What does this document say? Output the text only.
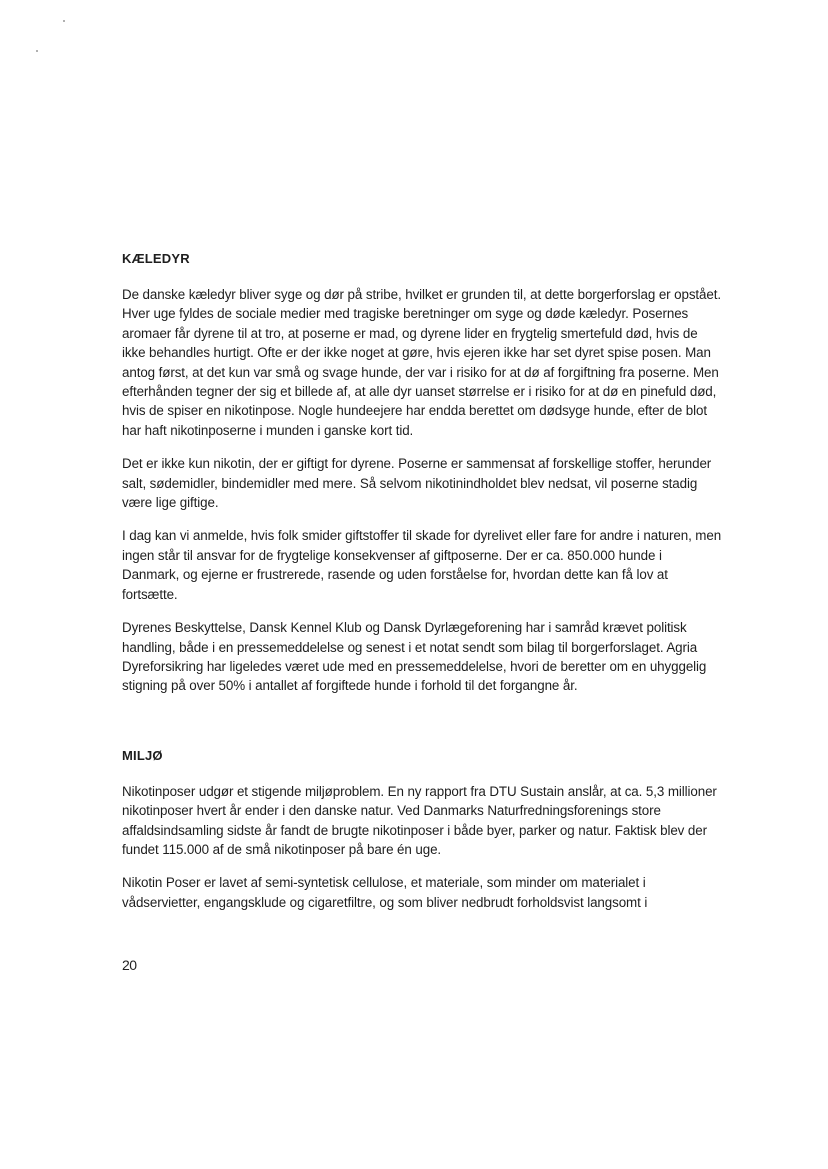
KÆLEDYR

De danske kæledyr bliver syge og dør på stribe, hvilket er grunden til, at dette borgerforslag er opstået. Hver uge fyldes de sociale medier med tragiske beretninger om syge og døde kæledyr. Posernes aromaer får dyrene til at tro, at poserne er mad, og dyrene lider en frygtelig smertefuld død, hvis de ikke behandles hurtigt. Ofte er der ikke noget at gøre, hvis ejeren ikke har set dyret spise posen. Man antog først, at det kun var små og svage hunde, der var i risiko for at dø af forgiftning fra poserne. Men efterhånden tegner der sig et billede af, at alle dyr uanset størrelse er i risiko for at dø en pinefuld død, hvis de spiser en nikotinpose. Nogle hundeejere har endda berettet om dødsyge hunde, efter de blot har haft nikotinposerne i munden i ganske kort tid.

Det er ikke kun nikotin, der er giftigt for dyrene. Poserne er sammensat af forskellige stoffer, herunder salt, sødemidler, bindemidler med mere. Så selvom nikotinindholdet blev nedsat, vil poserne stadig være lige giftige.

I dag kan vi anmelde, hvis folk smider giftstoffer til skade for dyrelivet eller fare for andre i naturen, men ingen står til ansvar for de frygtelige konsekvenser af giftposerne. Der er ca. 850.000 hunde i Danmark, og ejerne er frustrerede, rasende og uden forståelse for, hvordan dette kan få lov at fortsætte.

Dyrenes Beskyttelse, Dansk Kennel Klub og Dansk Dyrlægeforening har i samråd krævet politisk handling, både i en pressemeddelelse og senest i et notat sendt som bilag til borgerforslaget. Agria Dyreforsikring har ligeledes været ude med en pressemeddelelse, hvori de beretter om en uhyggelig stigning på over 50% i antallet af forgiftede hunde i forhold til det forgangne år.

MILJØ

Nikotinposer udgør et stigende miljøproblem. En ny rapport fra DTU Sustain anslår, at ca. 5,3 millioner nikotinposer hvert år ender i den danske natur. Ved Danmarks Naturfredningsforenings store affaldsindsamling sidste år fandt de brugte nikotinposer i både byer, parker og natur. Faktisk blev der fundet 115.000 af de små nikotinposer på bare én uge.

Nikotin Poser er lavet af semi-syntetisk cellulose, et materiale, som minder om materialet i vådservietter, engangsklude og cigaretfiltre, og som bliver nedbrudt forholdsvist langsomt i

20
